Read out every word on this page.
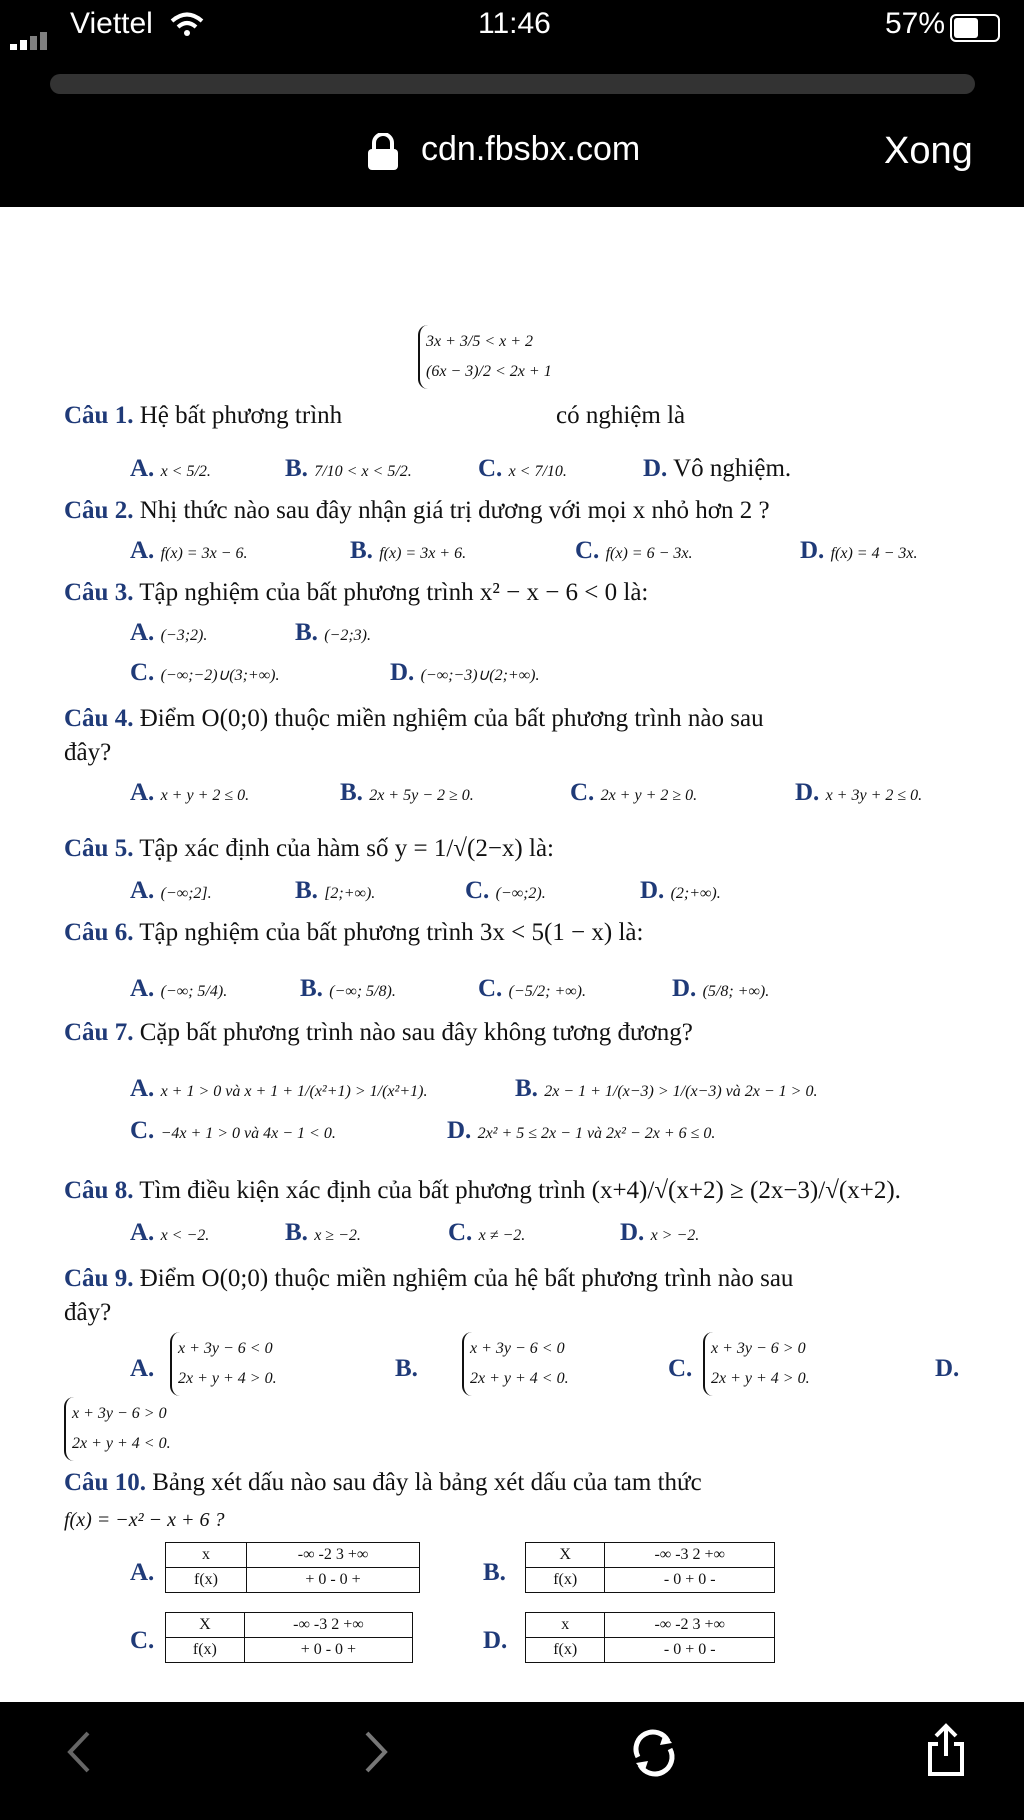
Viettel	11:46	57%
cdn.fbsbx.com	Xong
Câu 1. Hệ bất phương trình
3x + 3/5 < x + 2
(6x − 3)/2 < 2x + 1
có nghiệm là
A. x < 5/2.	B. 7/10 < x < 5/2.	C. x < 7/10.	D. Vô nghiệm.
Câu 2. Nhị thức nào sau đây nhận giá trị dương với mọi x nhỏ hơn 2 ?
A. f(x) = 3x − 6.	B. f(x) = 3x + 6.	C. f(x) = 6 − 3x.	D. f(x) = 4 − 3x.
Câu 3. Tập nghiệm của bất phương trình x² − x − 6 < 0 là:
A. (−3;2).	B. (−2;3).
C. (−∞;−2)∪(3;+∞).	D. (−∞;−3)∪(2;+∞).
Câu 4. Điểm O(0;0) thuộc miền nghiệm của bất phương trình nào sau
đây?
A. x + y + 2 ≤ 0.	B. 2x + 5y − 2 ≥ 0.	C. 2x + y + 2 ≥ 0.	D. x + 3y + 2 ≤ 0.
Câu 5. Tập xác định của hàm số y = 1/√(2−x) là:
A. (−∞;2].	B. [2;+∞).	C. (−∞;2).	D. (2;+∞).
Câu 6. Tập nghiệm của bất phương trình 3x < 5(1 − x) là:
A. (−∞; 5/4).	B. (−∞; 5/8).	C. (−5/2; +∞).	D. (5/8; +∞).
Câu 7. Cặp bất phương trình nào sau đây không tương đương?
A. x + 1 > 0 và x + 1 + 1/(x²+1) > 1/(x²+1).	B. 2x − 1 + 1/(x−3) > 1/(x−3) và 2x − 1 > 0.
C. −4x + 1 > 0 và 4x − 1 < 0.	D. 2x² + 5 ≤ 2x − 1 và 2x² − 2x + 6 ≤ 0.
Câu 8. Tìm điều kiện xác định của bất phương trình (x+4)/√(x+2) ≥ (2x−3)/√(x+2).
A. x < −2.	B. x ≥ −2.	C. x ≠ −2.	D. x > −2.
Câu 9. Điểm O(0;0) thuộc miền nghiệm của hệ bất phương trình nào sau
đây?
A.
x + 3y − 6 < 0
2x + y + 4 > 0.	B.
x + 3y − 6 < 0
2x + y + 4 < 0.	C.
x + 3y − 6 > 0
2x + y + 4 > 0.	D.
x + 3y − 6 > 0
2x + y + 4 < 0.
Câu 10. Bảng xét dấu nào sau đây là bảng xét dấu của tam thức
f(x) = −x² − x + 6 ?
A.
x	-∞ -2 3 +∞
f(x)	+ 0 - 0 +	B.
X	-∞ -3 2 +∞
f(x)	- 0 + 0 -
C.
X	-∞ -3 2 +∞
f(x)	+ 0 - 0 +	D.
x	-∞ -2 3 +∞
f(x)	- 0 + 0 -
